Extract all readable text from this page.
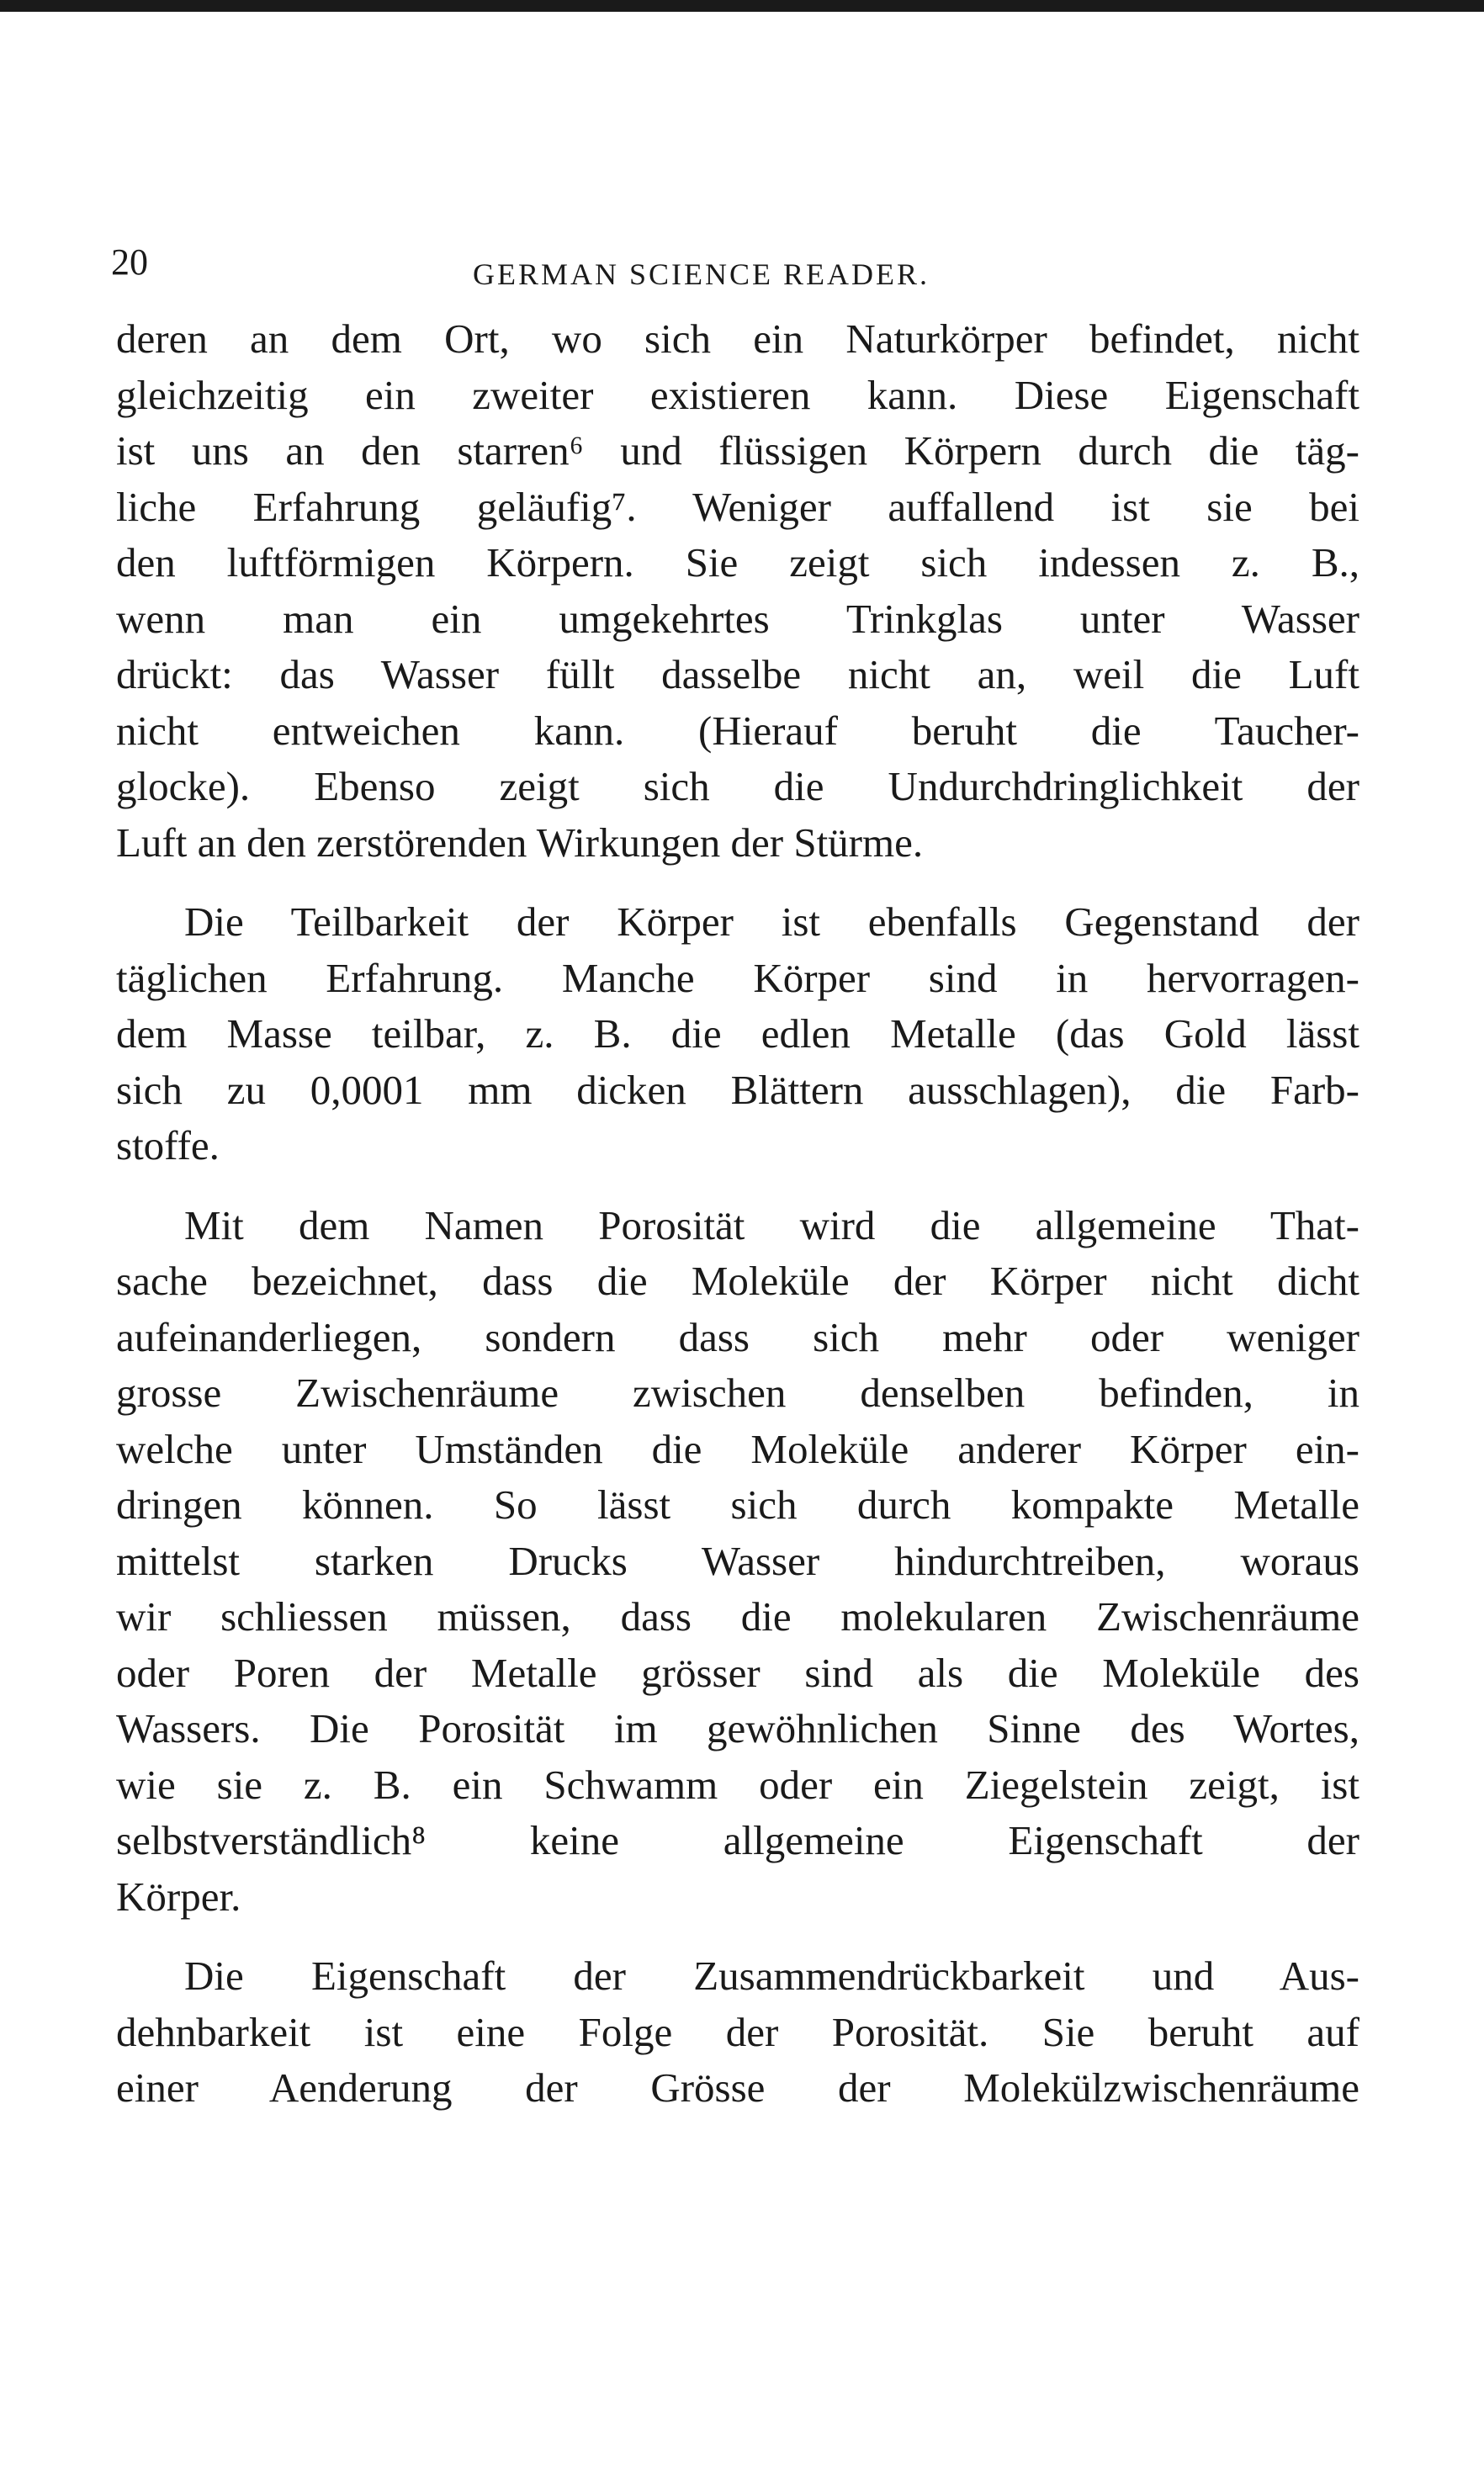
20	GERMAN SCIENCE READER.
deren an dem Ort, wo sich ein Naturkörper befindet, nicht
gleichzeitig ein zweiter existieren kann. Diese Eigenschaft
ist uns an den starren⁶ und flüssigen Körpern durch die täg-
liche Erfahrung geläufig⁷. Weniger auffallend ist sie bei
den luftförmigen Körpern. Sie zeigt sich indessen z. B.,
wenn man ein umgekehrtes Trinkglas unter Wasser
drückt: das Wasser füllt dasselbe nicht an, weil die Luft
nicht entweichen kann. (Hierauf beruht die Taucher-
glocke). Ebenso zeigt sich die Undurchdringlichkeit der
Luft an den zerstörenden Wirkungen der Stürme.
Die Teilbarkeit der Körper ist ebenfalls Gegenstand der
täglichen Erfahrung. Manche Körper sind in hervorragen-
dem Masse teilbar, z. B. die edlen Metalle (das Gold lässt
sich zu 0,0001 mm dicken Blättern ausschlagen), die Farb-
stoffe.
Mit dem Namen Porosität wird die allgemeine That-
sache bezeichnet, dass die Moleküle der Körper nicht dicht
aufeinanderliegen, sondern dass sich mehr oder weniger
grosse Zwischenräume zwischen denselben befinden, in
welche unter Umständen die Moleküle anderer Körper ein-
dringen können. So lässt sich durch kompakte Metalle
mittelst starken Drucks Wasser hindurchtreiben, woraus
wir schliessen müssen, dass die molekularen Zwischenräume
oder Poren der Metalle grösser sind als die Moleküle des
Wassers. Die Porosität im gewöhnlichen Sinne des Wortes,
wie sie z. B. ein Schwamm oder ein Ziegelstein zeigt, ist
selbstverständlich⁸ keine allgemeine Eigenschaft der
Körper.
Die Eigenschaft der Zusammendrückbarkeit und Aus-
dehnbarkeit ist eine Folge der Porosität. Sie beruht auf
einer Aenderung der Grösse der Molekülzwischenräume
